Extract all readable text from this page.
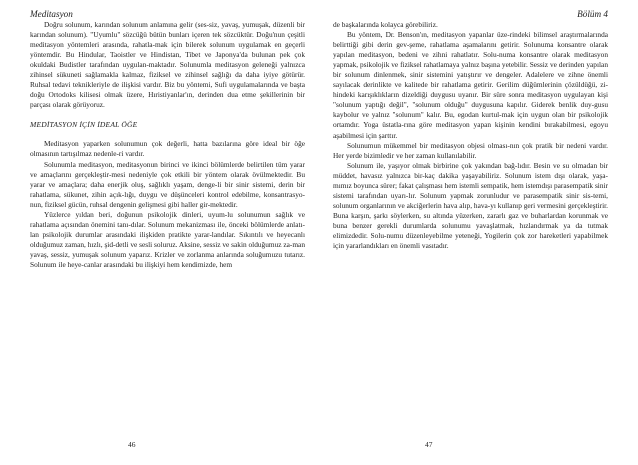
Meditasyon

Doğru solunum, karından solunum anlamına gelir (ses-siz, yavaş, yumuşak, düzenli bir karından solunum). "Uyumlu" sözcüğü bütün bunları içeren tek sözcüktür. Doğu'nun çeşitli meditasyon yöntemleri arasında, rahatla-mak için bilerek solunum uygulamak en geçerli yöntemdir. Bu Hindular, Taoistler ve Hindistan, Tibet ve Japonya'da bulunan pek çok okuldaki Budistler tarafından uygulan-maktadır. Solunumla meditasyon geleneği yalnızca zihinsel sükuneti sağlamakla kalmaz, fiziksel ve zihinsel sağlığı da daha iyiye götürür. Ruhsal tedavi teknikleriyle de ilişkisi vardır. Biz bu yöntemi, Sufi uygulamalarında ve başta doğu Ortodoks kilisesi olmak üzere, Hıristiyanlar'ın, derinden dua etme şekillerinin bir parçası olarak görüyoruz.

MEDİTASYON İÇİN İDEAL ÖĞE

Meditasyon yaparken solunumun çok değerli, hatta bazılarına göre ideal bir öğe olmasının tartışılmaz nedenle-ri vardır.

Solunumla meditasyon, meditasyonun birinci ve ikinci bölümlerde belirtilen tüm yarar ve amaçlarını gerçekleştir-mesi nedeniyle çok etkili bir yöntem olarak övülmektedir. Bu yarar ve amaçlara; daha enerjik oluş, sağlıklı yaşam, denge-li bir sinir sistemi, derin bir rahatlama, sükunet, zihin açık-lığı, duygu ve düşünceleri kontrol edebilme, konsantrasyo-nun, fiziksel gücün, ruhsal dengenin gelişmesi gibi haller gir-mektedir.

Yüzlerce yıldan beri, doğunun psikolojik dinleri, uyum-lu solunumun sağlık ve rahatlama açısından önemini tanı-dılar. Solunum mekanizması ile, önceki bölümlerde anlatı-lan psikolojik durumlar arasındaki ilişkiden pratikte yarar-landılar. Sıkıntılı ve heyecanlı olduğumuz zaman, hızlı, şid-detli ve sesli soluruz. Aksine, sessiz ve sakin olduğumuz za-man yavaş, sessiz, yumuşak solunum yaparız. Krizler ve zorlanma anlarında soluğumuzu tutarız. Solunum ile heye-canlar arasındaki bu ilişkiyi hem kendimizde, hem

46
Bölüm 4

de başkalarında kolayca görebiliriz.

Bu yöntem, Dr. Benson'ın, meditasyon yapanlar üze-rindeki bilimsel araştırmalarında belirttiği gibi derin gev-şeme, rahatlama aşamalarını getirir. Solunuma konsantre olarak yapılan meditasyon, bedeni ve zihni rahatlatır. Solu-numa konsantre olarak meditasyon yapmak, psikolojik ve fiziksel rahatlamaya yalnız başına yetebilir. Sessiz ve derinden yapılan bir solunum dinlenmek, sinir sistemini yatıştırır ve dengeler. Adalelere ve zihne önemli sayılacak derinlikte ve kalitede bir rahatlama getirir. Gerilim düğümlerinin çözüldüğü, zi-hindeki karışıklıkların dizeldiği duygusu uyanır. Bir süre sonra meditasyon uygulayan kişi "solunum yaptığı değil", "solunum olduğu" duygusuna kapılır. Giderek benlik duy-gusu kaybolur ve yalnız "solunum" kalır. Bu, egodan kurtul-mak için uygun olan bir psikolojik ortamdır. Yoga üstatla-rına göre meditasyon yapan kişinin kendini bırakabilmesi, egoyu aşabilmesi için şarttır.

Solunumun mükemmel bir meditasyon objesi olması-nın çok pratik bir nedeni vardır. Her yerde bizimledir ve her zaman kullanılabilir.

Solunum ile, yaşıyor olmak birbirine çok yakından bağ-lıdır. Besin ve su olmadan bir müddet, havasız yalnızca bir-kaç dakika yaşayabiliriz. Solunum istem dışı olarak, yaşa-mımız boyunca sürer; fakat çalışması hem istemli sempatik, hem istemdışı parasempatik sinir sistemi tarafından uyarı-lır. Solunum yapmak zorunludur ve parasempatik sinir sis-temi, solunum organlarının ve akciğerlerin hava alıp, hava-yı kullanıp geri vermesini gerçekleştirir. Buna karşın, şarkı söylerken, su altında yüzerken, zararlı gaz ve buharlardan korunmak ve buna benzer gerekli durumlarda solunumu yavaşlatmak, hızlandırmak ya da tutmak elimizdedir. Solu-numu düzenleyebilme yeteneği, Yogilerin çok zor hareketleri yapabilmek için yararlandıkları en önemli vasıtadır.

47
